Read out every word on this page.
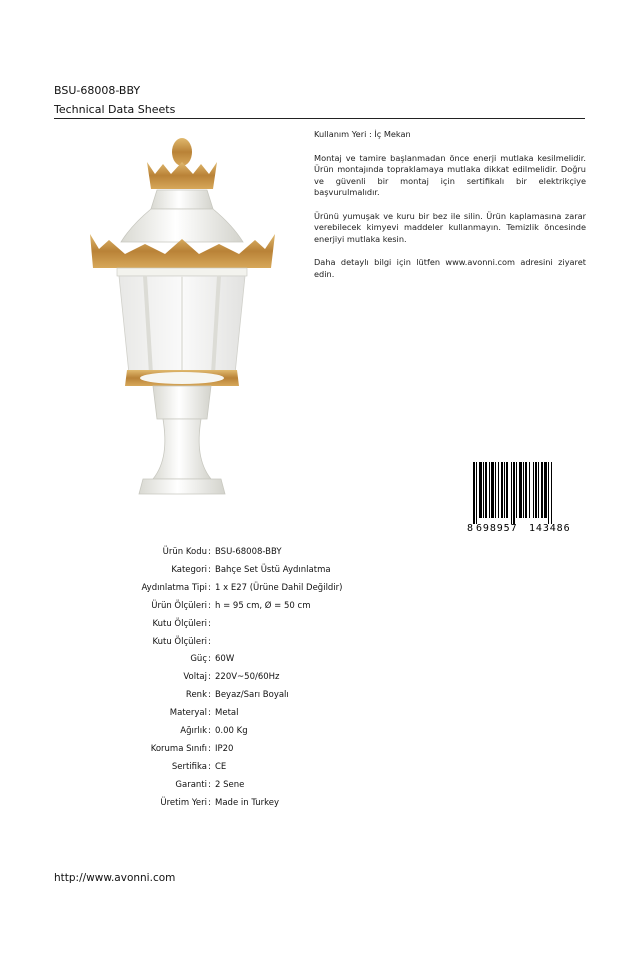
BSU-68008-BBY
Technical Data Sheets

Kullanım Yeri : İç Mekan

Montaj ve tamire başlanmadan önce enerji mutlaka kesilmelidir. Ürün montajında topraklamaya mutlaka dikkat edilmelidir. Doğru ve güvenli bir montaj için sertifikalı bir elektrikçiye başvurulmalıdır.

Ürünü yumuşak ve kuru bir bez ile silin. Ürün kaplamasına zarar verebilecek kimyevi maddeler kullanmayın. Temizlik öncesinde enerjiyi mutlaka kesin.

Daha detaylı bilgi için lütfen www.avonni.com adresini ziyaret edin.

8 698957 143486
Ürün Kodu : BSU-68008-BBY
Kategori : Bahçe Set Üstü Aydınlatma
Aydınlatma Tipi : 1 x E27 (Ürüne Dahil Değildir)
Ürün Ölçüleri : h = 95 cm, Ø = 50 cm
Kutu Ölçüleri :
Kutu Ölçüleri :
Güç : 60W
Voltaj : 220V~50/60Hz
Renk : Beyaz/Sarı Boyalı
Materyal : Metal
Ağırlık : 0.00 Kg
Koruma Sınıfı : IP20
Sertifika : CE
Garanti : 2 Sene
Üretim Yeri : Made in Turkey
http://www.avonni.com
